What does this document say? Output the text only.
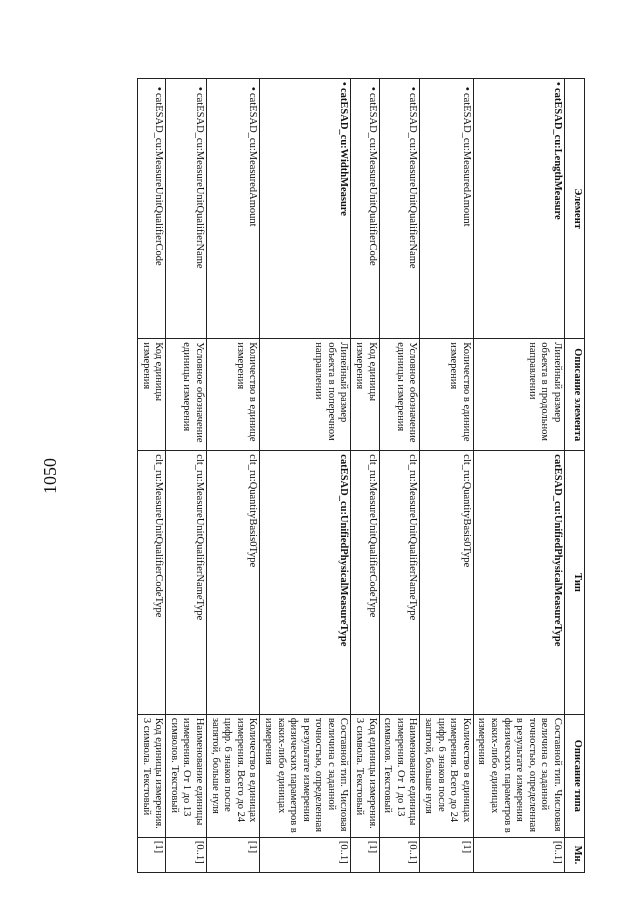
1050
Элемент	Описание элемента	Тип	Описание типа	Мн.
•catESAD_cu:LengthMeasure	Линейный размер объекта в продольном направлении	catESAD_cu:UnifiedPhysicalMeasureType	Составной тип. Числовая величина с заданной точностью, определенная в результате измерения физических параметров в каких-либо единицах измерения	[0..1]
•catESAD_cu:MeasuredAmount	Количество в единице измерения	clt_ru:QuantityBasis0Type	Количество в единицах измерения. Всего до 24 цифр. 6 знаков после запятой, больше нуля	[1]
•catESAD_cu:MeasureUnitQualifierName	Условное обозначение единицы измерения	clt_ru:MeasureUnitQualifierNameType	Наименование единицы измерения. От 1 до 13 символов. Текстовый	[0..1]
•catESAD_cu:MeasureUnitQualifierCode	Код единицы измерения	clt_ru:MeasureUnitQualifierCodeType	Код единицы измерения. 3 символа. Текстовый	[1]
•catESAD_cu:WidthMeasure	Линейный размер объекта в поперечном направлении	catESAD_cu:UnifiedPhysicalMeasureType	Составной тип. Числовая величина с заданной точностью, определенная в результате измерения физических параметров в каких-либо единицах измерения	[0..1]
•catESAD_cu:MeasuredAmount	Количество в единице измерения	clt_ru:QuantityBasis0Type	Количество в единицах измерения. Всего до 24 цифр. 6 знаков после запятой, больше нуля	[1]
•catESAD_cu:MeasureUnitQualifierName	Условное обозначение единицы измерения	clt_ru:MeasureUnitQualifierNameType	Наименование единицы измерения. От 1 до 13 символов. Текстовый	[0..1]
•catESAD_cu:MeasureUnitQualifierCode	Код единицы измерения	clt_ru:MeasureUnitQualifierCodeType	Код единицы измерения. 3 символа. Текстовый	[1]
